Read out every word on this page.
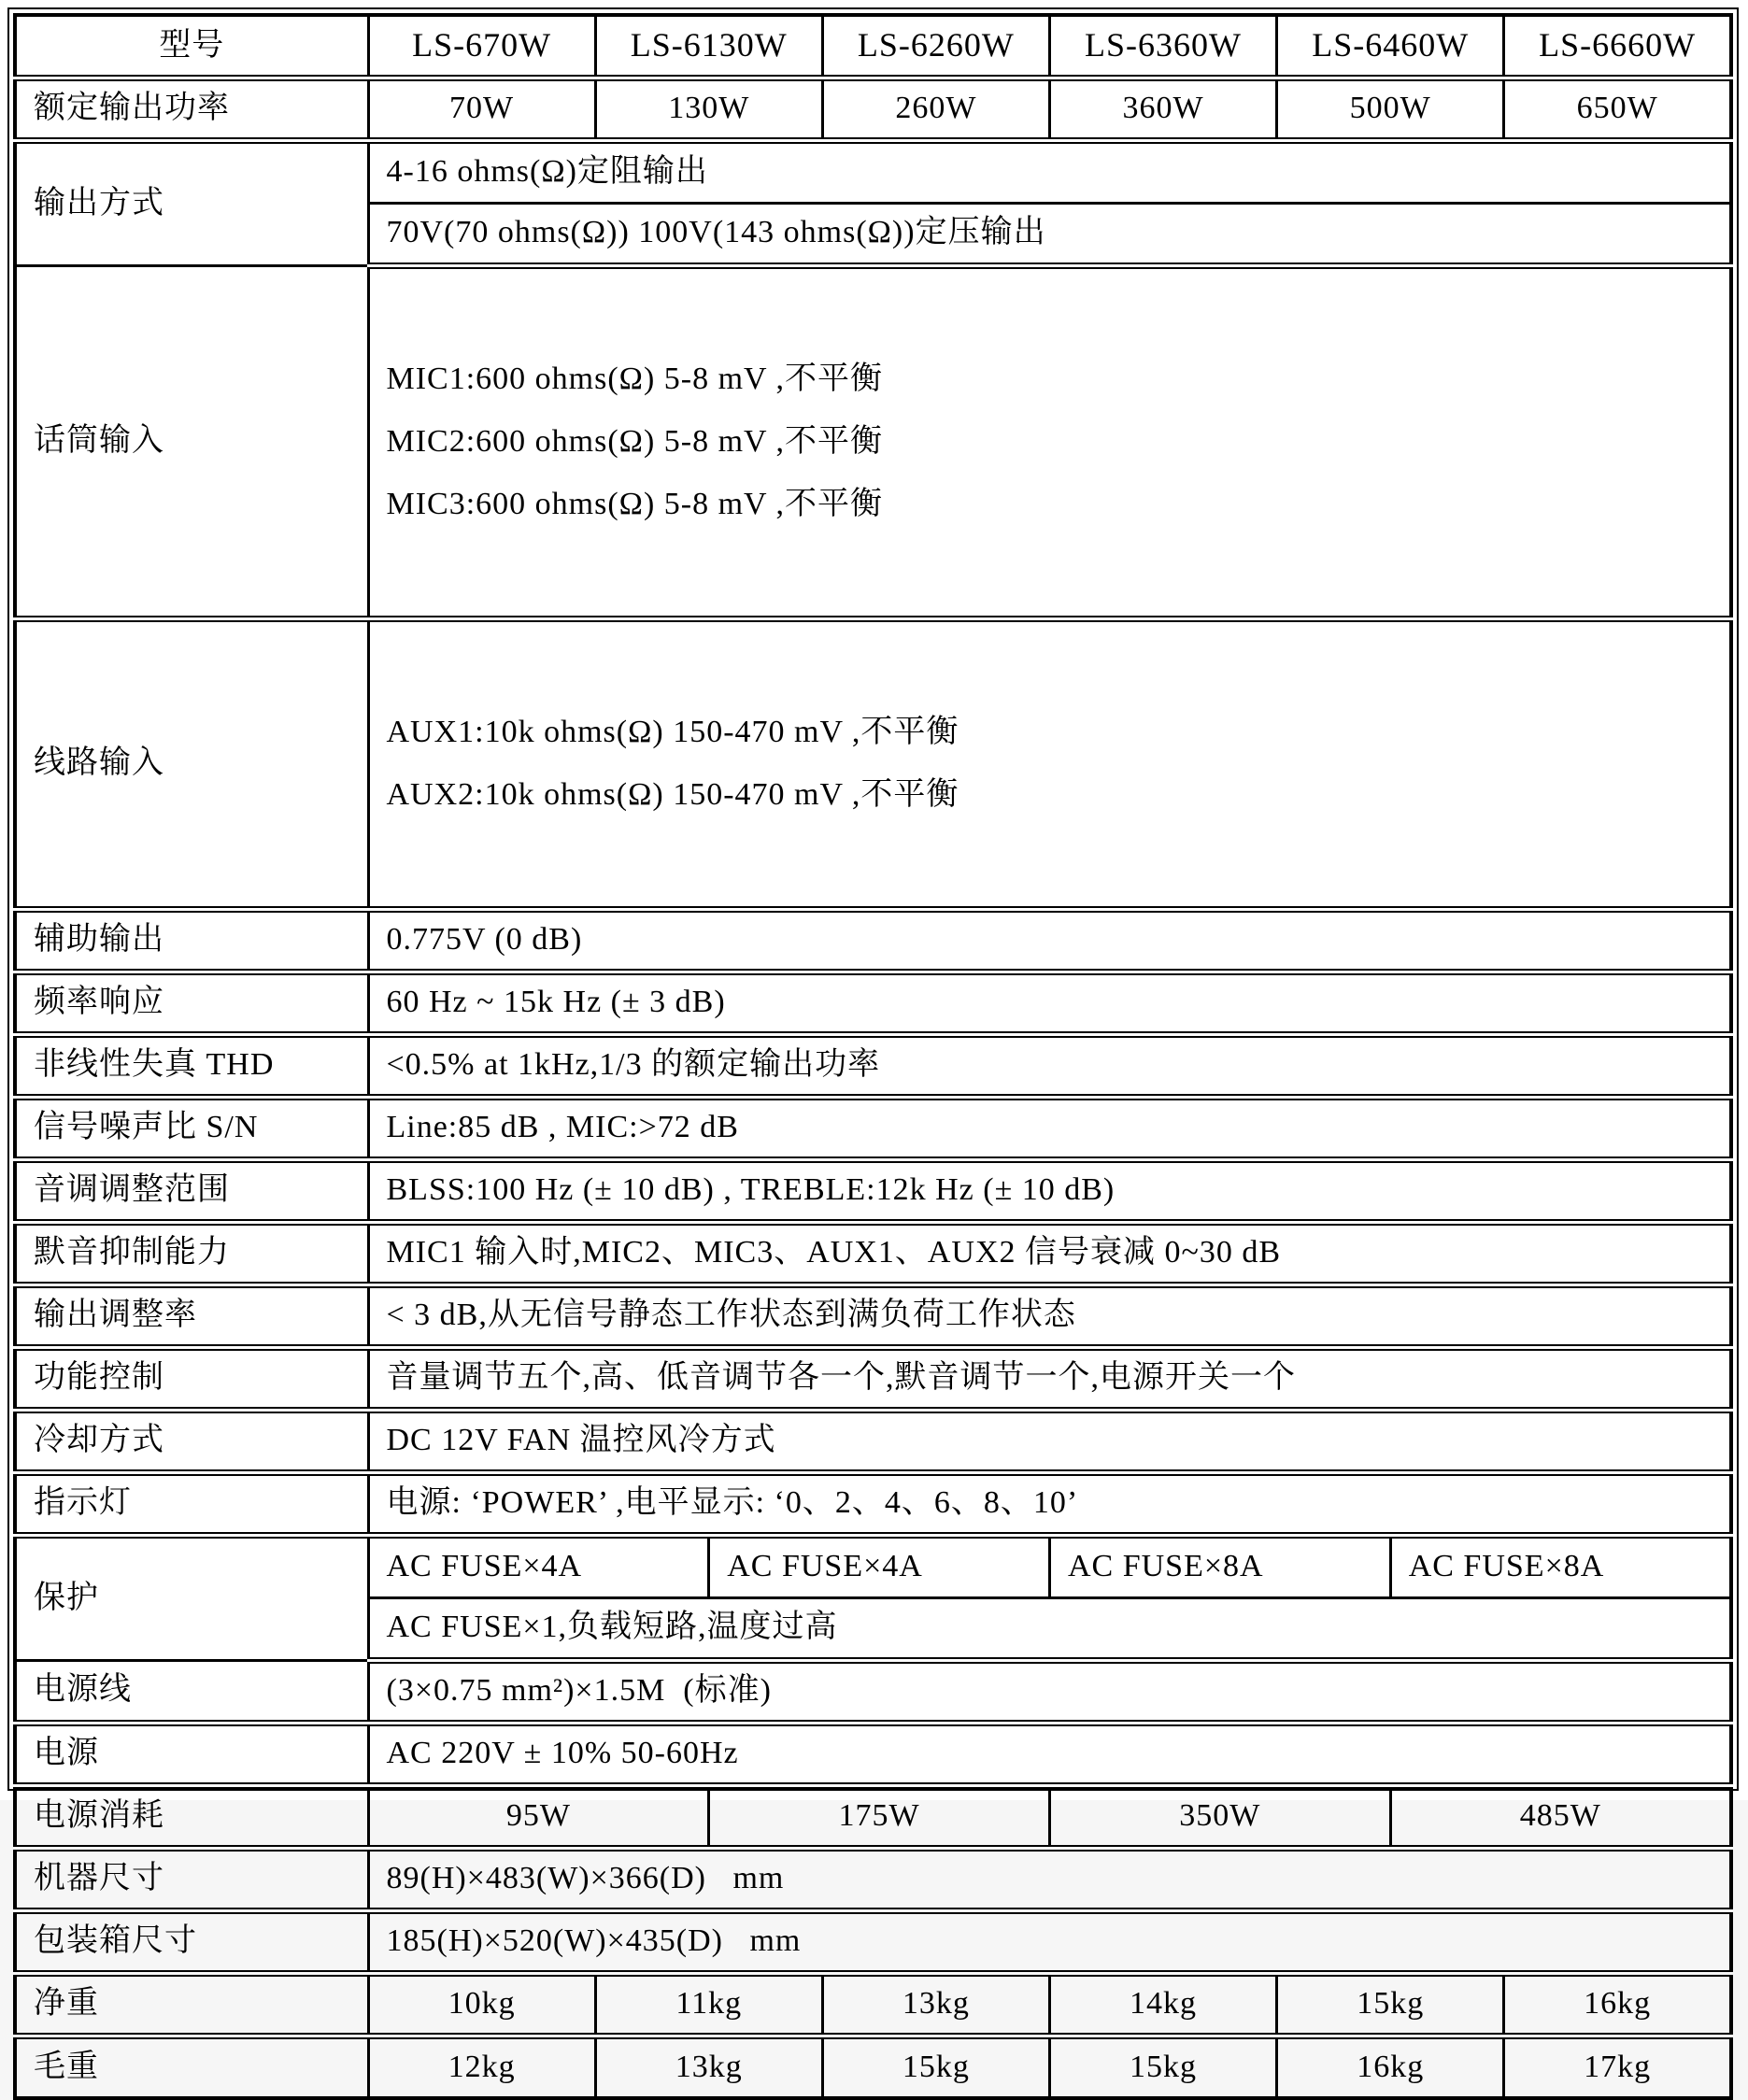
型号	LS-670W	LS-6130W		LS-6260W	LS-6360W	LS-6460W		LS-6660W
额定输出功率	70W	130W		260W	360W	500W		650W
输出方式	4-16 ohms(Ω)定阻输出							
	70V(70 ohms(Ω)) 100V(143 ohms(Ω))定压输出							
话筒输入	MIC1:600 ohms(Ω) 5-8 mV ,不平衡
MIC2:600 ohms(Ω) 5-8 mV ,不平衡
MIC3:600 ohms(Ω) 5-8 mV ,不平衡							

线路输入	AUX1:10k ohms(Ω) 150-470 mV ,不平衡
AUX2:10k ohms(Ω) 150-470 mV ,不平衡							

辅助输出	0.775V (0 dB)							
频率响应	60 Hz ~ 15k Hz (± 3 dB)							
非线性失真 THD	<0.5% at 1kHz,1/3 的额定输出功率							
信号噪声比 S/N	Line:85 dB , MIC:>72 dB							
音调调整范围	BLSS:100 Hz (± 10 dB) , TREBLE:12k Hz (± 10 dB)							
默音抑制能力	MIC1 输入时,MIC2、MIC3、AUX1、AUX2 信号衰减 0~30 dB							
输出调整率	< 3 dB,从无信号静态工作状态到满负荷工作状态							
功能控制	音量调节五个,高、低音调节各一个,默音调节一个,电源开关一个							
冷却方式	DC 12V FAN 温控风冷方式							
指示灯	电源: ‘POWER’ ,电平显示: ‘0、2、4、6、8、10’							
保护	AC FUSE×4A		AC FUSE×4A		AC FUSE×8A		AC FUSE×8A	
	AC FUSE×1,负载短路,温度过高							
电源线	(3×0.75 mm²)×1.5M  (标准)							
电源	AC 220V ± 10% 50-60Hz							
电源消耗	95W		175W		350W		485W	
机器尺寸	89(H)×483(W)×366(D)   mm							
包装箱尺寸	185(H)×520(W)×435(D)   mm							
净重	10kg	11kg		13kg	14kg	15kg		16kg
毛重	12kg	13kg		15kg	15kg	16kg		17kg
